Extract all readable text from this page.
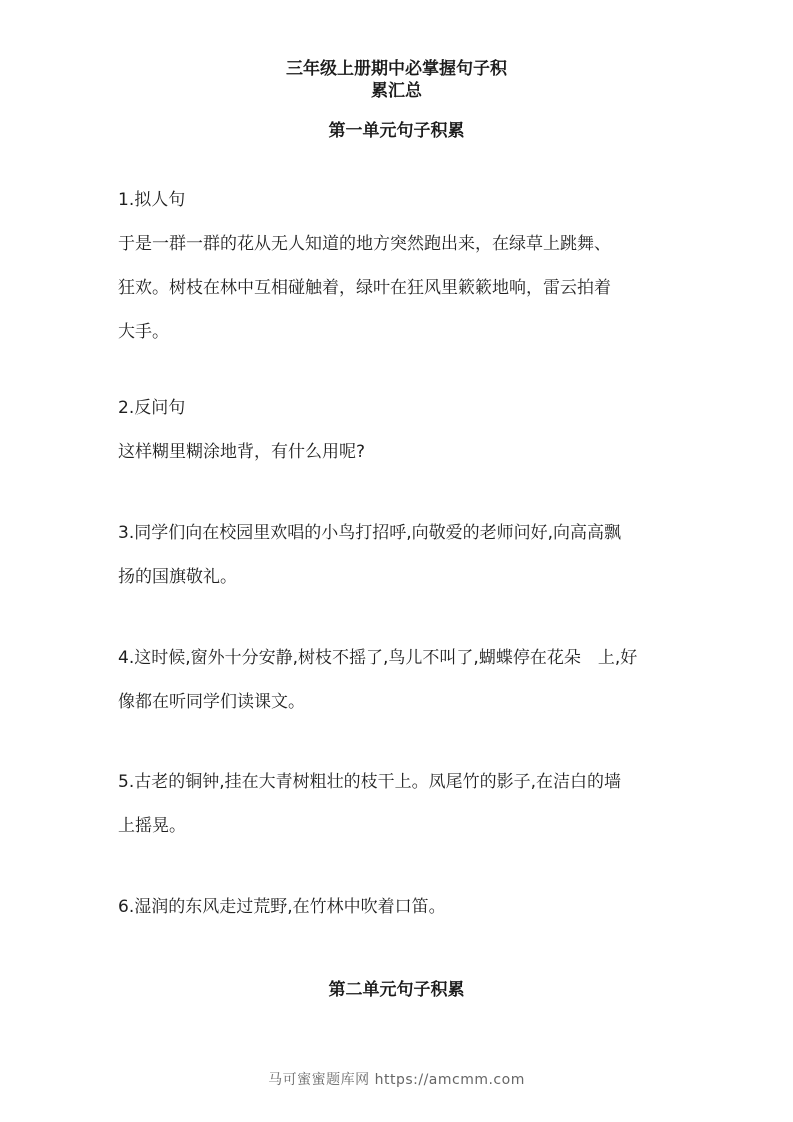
三年级上册期中必掌握句子积
累汇总
第一单元句子积累
1.拟人句
于是一群一群的花从无人知道的地方突然跑出来，在绿草上跳舞、
狂欢。树枝在林中互相碰触着，绿叶在狂风里簌簌地响，雷云拍着
大手。
2.反问句
这样糊里糊涂地背，有什么用呢?
3.同学们向在校园里欢唱的小鸟打招呼,向敬爱的老师问好,向高高飘
扬的国旗敬礼。
4.这时候,窗外十分安静,树枝不摇了,鸟儿不叫了,蝴蝶停在花朵　上,好
像都在听同学们读课文。
5.古老的铜钟,挂在大青树粗壮的枝干上。凤尾竹的影子,在洁白的墙
上摇晃。
6.湿润的东风走过荒野,在竹林中吹着口笛。
第二单元句子积累

马可蜜蜜题库网 https://amcmm.com
